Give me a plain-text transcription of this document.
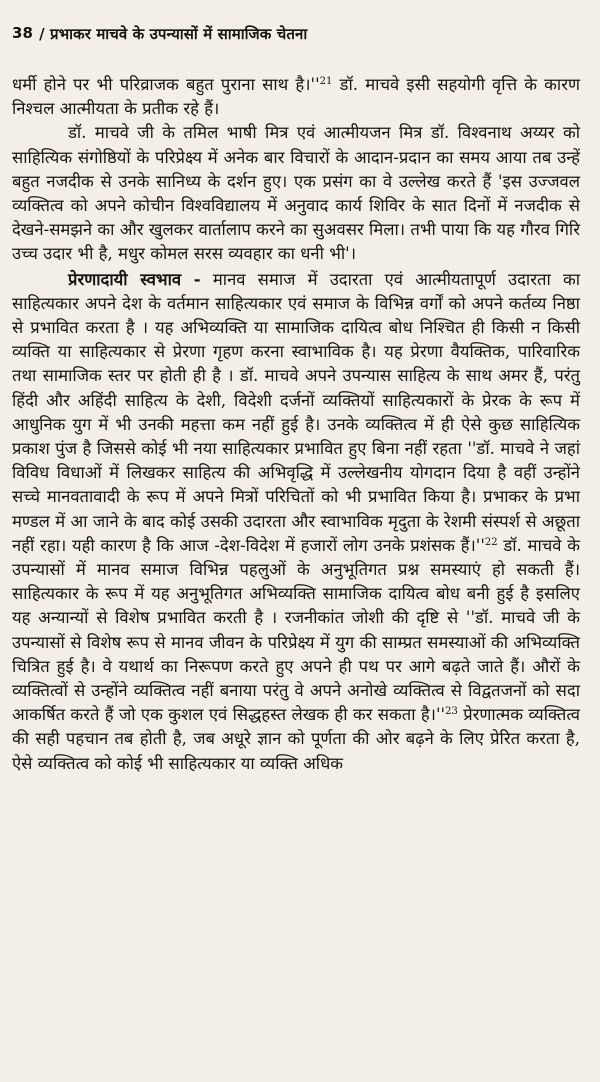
38 / प्रभाकर माचवे के उपन्यासों में सामाजिक चेतना

धर्मी होने पर भी परिव्राजक बहुत पुराना साथ $है।''^{21}$ डॉ. माचवे इसी सहयोगी वृत्ति के कारण निश्चल आत्मीयता के प्रतीक रहे हैं।

डॉ. माचवे जी के तमिल भाषी मित्र एवं आत्मीयजन मित्र डॉ. विश्वनाथ अय्यर को साहित्यिक संगोष्ठियों के परिप्रेक्ष्य में अनेक बार विचारों के आदान-प्रदान का समय आया तब उन्हें बहुत नजदीक से उनके सानिध्य के दर्शन हुए। एक प्रसंग का वे उल्लेख करते हैं 'इस उज्जवल व्यक्तित्व को अपने कोचीन विश्वविद्यालय में अनुवाद कार्य शिविर के सात दिनों में नजदीक से देखने-समझने का और खुलकर वार्तालाप करने का सुअवसर मिला। तभी पाया कि यह गौरव गिरि उच्च उदार भी है, मधुर कोमल सरस व्यवहार का धनी भी'।

प्रेरणादायी स्वभाव - मानव समाज में उदारता एवं आत्मीयतापूर्ण उदारता का साहित्यकार अपने देश के वर्तमान साहित्यकार एवं समाज के विभिन्न वर्गों को अपने कर्तव्य निष्ठा से प्रभावित करता है । यह अभिव्यक्ति या सामाजिक दायित्व बोध निश्चित ही किसी न किसी व्यक्ति या साहित्यकार से प्रेरणा गृहण करना स्वाभाविक है। यह प्रेरणा वैयक्तिक, पारिवारिक तथा सामाजिक स्तर पर होती ही है । डॉ. माचवे अपने उपन्यास साहित्य के साथ अमर हैं, परंतु हिंदी और अहिंदी साहित्य के देशी, विदेशी दर्जनों व्यक्तियों साहित्यकारों के प्रेरक के रूप में आधुनिक युग में भी उनकी महत्ता कम नहीं हुई है। उनके व्यक्तित्व में ही ऐसे कुछ साहित्यिक प्रकाश पुंज है जिससे कोई भी नया साहित्यकार प्रभावित हुए बिना नहीं रहता ''डॉ. माचवे ने जहां विविध विधाओं में लिखकर साहित्य की अभिवृद्धि में उल्लेखनीय योगदान दिया है वहीं उन्होंने सच्चे मानवतावादी के रूप में अपने मित्रों परिचितों को भी प्रभावित किया है। प्रभाकर के प्रभा मण्डल में आ जाने के बाद कोई उसकी उदारता और स्वाभाविक मृदुता के रेशमी संस्पर्श से अछूता नहीं रहा। यही कारण है कि आज -देश-विदेश में हजारों लोग उनके प्रशंसक $हैं।''^{22}$ डॉ. माचवे के उपन्यासों में मानव समाज विभिन्न पहलुओं के अनुभूतिगत प्रश्न समस्याएं हो सकती हैं। साहित्यकार के रूप में यह अनुभूतिगत अभिव्यक्ति सामाजिक दायित्व बोध बनी हुई है इसलिए यह अन्यान्यों से विशेष प्रभावित करती है । रजनीकांत जोशी की दृष्टि से ''डॉ. माचवे जी के उपन्यासों से विशेष रूप से मानव जीवन के परिप्रेक्ष्य में युग की साम्प्रत समस्याओं की अभिव्यक्ति चित्रित हुई है। वे यथार्थ का निरूपण करते हुए अपने ही पथ पर आगे बढ़ते जाते हैं। औरों के व्यक्तित्वों से उन्होंने व्यक्तित्व नहीं बनाया परंतु वे अपने अनोखे व्यक्तित्व से विद्वतजनों को सदा आकर्षित करते हैं जो एक कुशल एवं सिद्धहस्त लेखक ही कर सकता $है।''^{23}$ प्रेरणात्मक व्यक्तित्व की सही पहचान तब होती है, जब अधूरे ज्ञान को पूर्णता की ओर बढ़ने के लिए प्रेरित करता है, ऐसे व्यक्तित्व को कोई भी साहित्यकार या व्यक्ति अधिक
